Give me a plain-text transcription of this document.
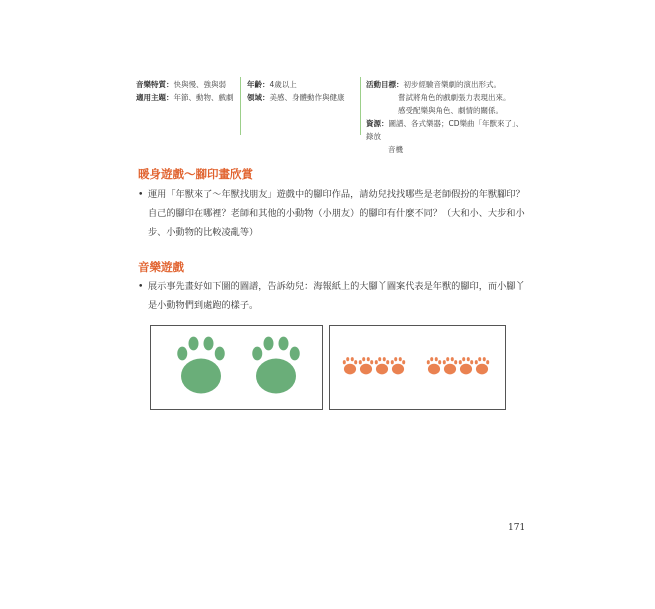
音樂特質：快與慢、強與弱
適用主題：年節、動物、戲劇
年齡：4歲以上
領域：美感、身體動作與健康
活動目標：初步經驗音樂劇的演出形式。
嘗試將角色的戲劇張力表現出來。
感受配樂與角色、劇情的關係。
資源：圖譜、各式樂器；CD樂曲「年獸來了」、錄放
音機
暖身遊戲～腳印畫欣賞
• 運用「年獸來了～年獸找朋友」遊戲中的腳印作品，請幼兒找找哪些是老師假扮的年獸腳印？自己的腳印在哪裡？老師和其他的小動物（小朋友）的腳印有什麼不同？（大和小、大步和小步、小動物的比較凌亂等）
音樂遊戲
• 展示事先畫好如下圖的圖譜，告訴幼兒：海報紙上的大腳丫圖案代表是年獸的腳印，而小腳丫是小動物們到處跑的樣子。
171
